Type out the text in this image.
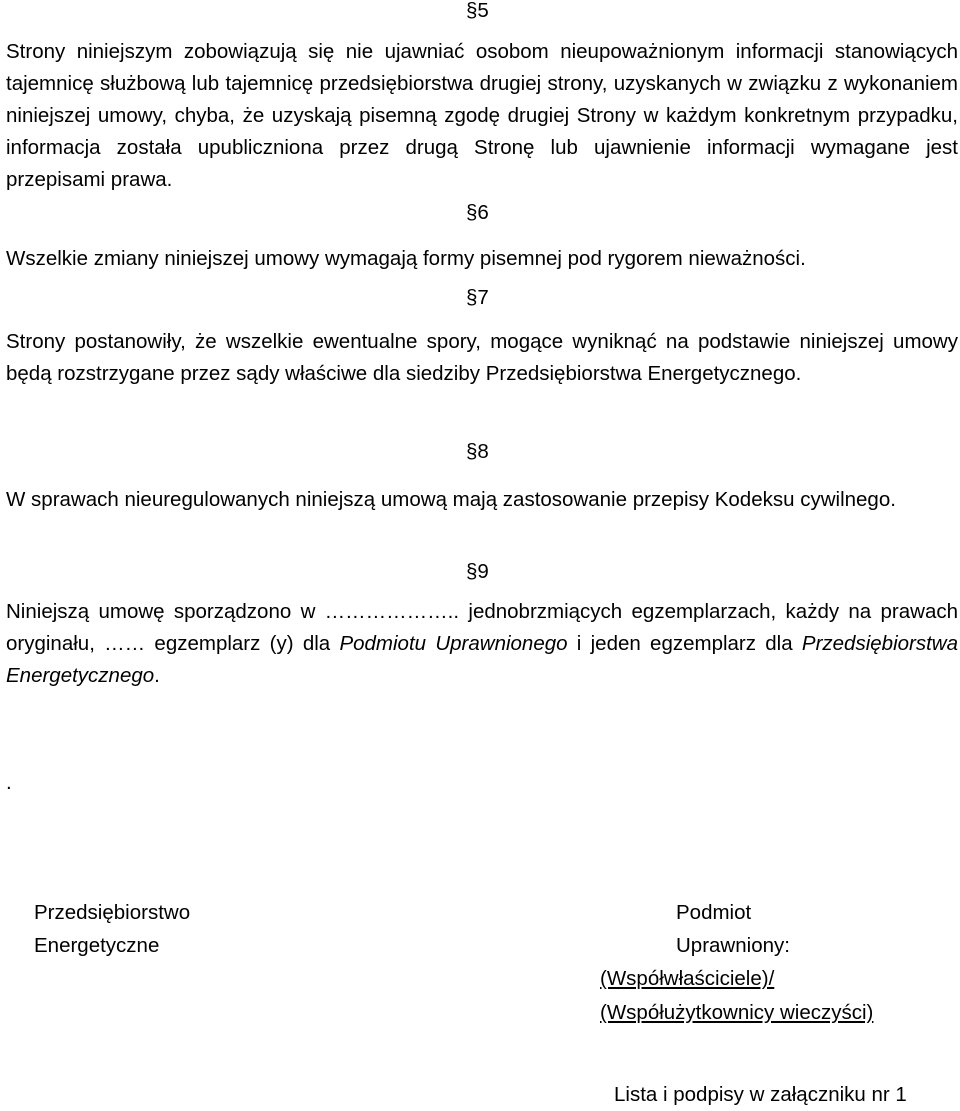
§5

Strony niniejszym zobowiązują się nie ujawniać osobom nieupoważnionym informacji stanowiących tajemnicę służbową lub tajemnicę przedsiębiorstwa drugiej strony, uzyskanych w związku z wykonaniem niniejszej umowy, chyba, że uzyskają pisemną zgodę drugiej Strony w każdym konkretnym przypadku, informacja została upubliczniona przez drugą Stronę lub ujawnienie informacji wymagane jest przepisami prawa.

§6

Wszelkie zmiany niniejszej umowy wymagają formy pisemnej pod rygorem nieważności.

§7

Strony postanowiły, że wszelkie ewentualne spory, mogące wyniknąć na podstawie niniejszej umowy będą rozstrzygane przez sądy właściwe dla siedziby Przedsiębiorstwa Energetycznego.

§8

W sprawach nieuregulowanych niniejszą umową mają zastosowanie przepisy Kodeksu cywilnego.

§9

Niniejszą umowę sporządzono w ……………….. jednobrzmiących egzemplarzach, każdy na prawach oryginału, …… egzemplarz (y) dla Podmiotu Uprawnionego i jeden egzemplarz dla Przedsiębiorstwa Energetycznego.

.
Przedsiębiorstwo
Energetyczne
Podmiot
Uprawniony:
(Współwłaściciele)/
(Współużytkownicy wieczyści)
Lista i podpisy w załączniku nr 1
